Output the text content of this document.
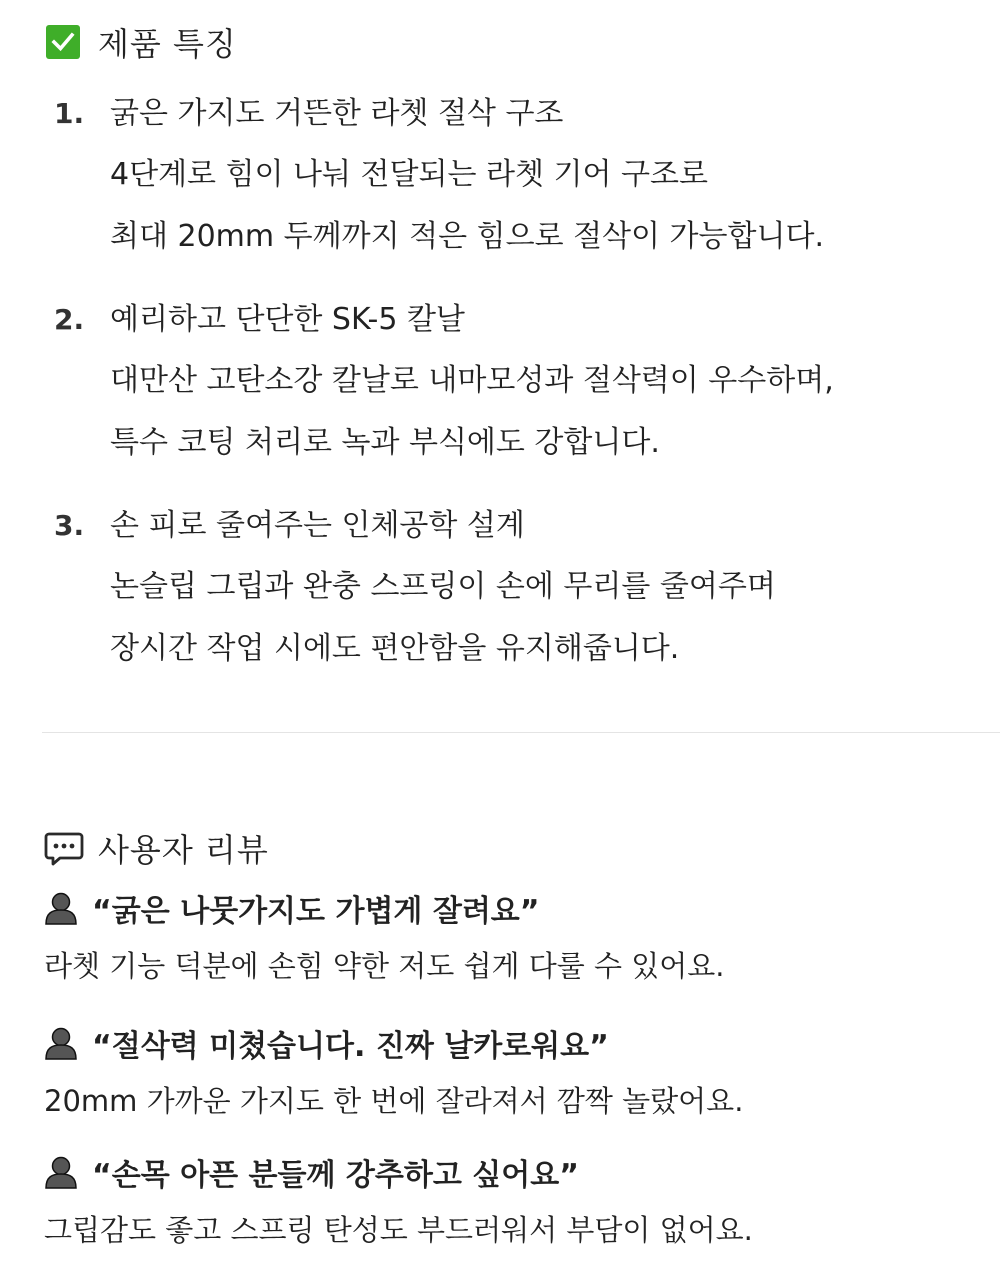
제품 특징
1. 굵은 가지도 거뜬한 라쳇 절삭 구조
4단계로 힘이 나눠 전달되는 라쳇 기어 구조로
최대 20mm 두께까지 적은 힘으로 절삭이 가능합니다.
2. 예리하고 단단한 SK-5 칼날
대만산 고탄소강 칼날로 내마모성과 절삭력이 우수하며,
특수 코팅 처리로 녹과 부식에도 강합니다.
3. 손 피로 줄여주는 인체공학 설계
논슬립 그립과 완충 스프링이 손에 무리를 줄여주며
장시간 작업 시에도 편안함을 유지해줍니다.
사용자 리뷰
“굵은 나뭇가지도 가볍게 잘려요”
라쳇 기능 덕분에 손힘 약한 저도 쉽게 다룰 수 있어요.
“절삭력 미쳤습니다. 진짜 날카로워요”
20mm 가까운 가지도 한 번에 잘라져서 깜짝 놀랐어요.
“손목 아픈 분들께 강추하고 싶어요”
그립감도 좋고 스프링 탄성도 부드러워서 부담이 없어요.
